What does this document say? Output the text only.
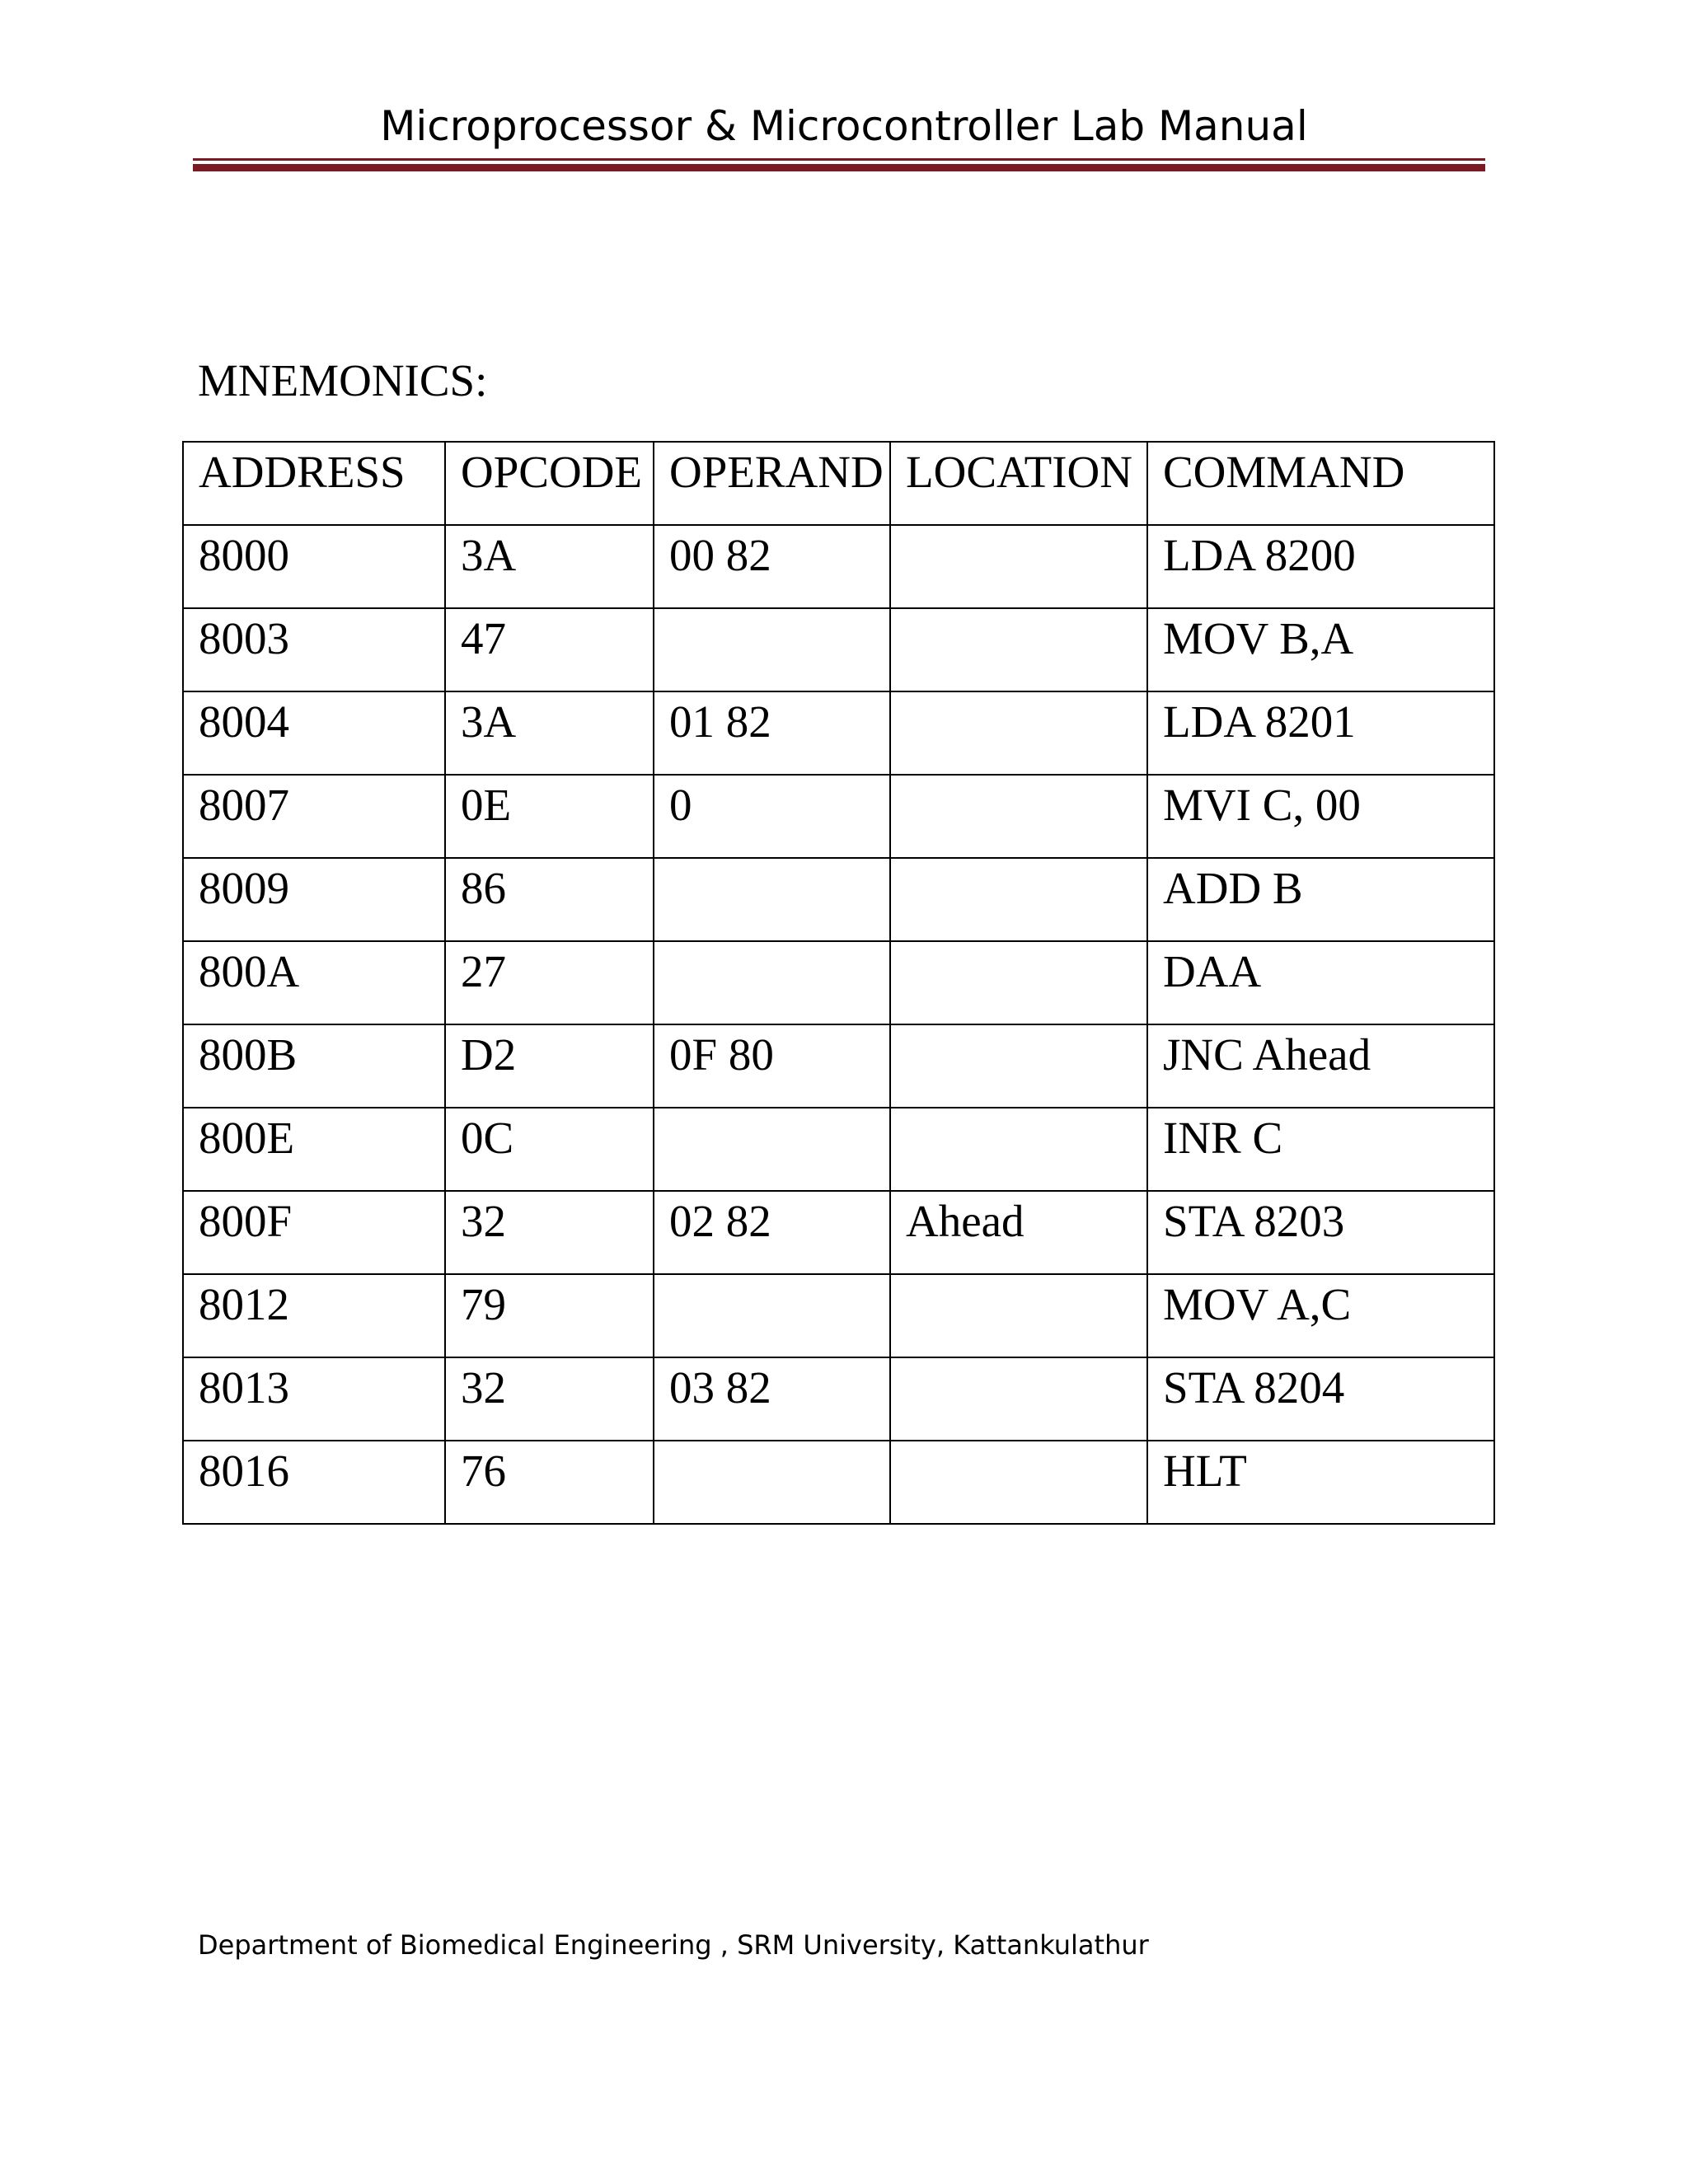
Microprocessor & Microcontroller Lab Manual
MNEMONICS:
ADDRESS	OPCODE	OPERAND	LOCATION	COMMAND
8000	3A	00 82		LDA 8200
8003	47			MOV B,A
8004	3A	01 82		LDA 8201
8007	0E	0		MVI C, 00
8009	86			ADD B
800A	27			DAA
800B	D2	0F 80		JNC Ahead
800E	0C			INR C
800F	32	02 82	Ahead	STA 8203
8012	79			MOV A,C
8013	32	03 82		STA 8204
8016	76			HLT
Department of Biomedical Engineering , SRM University, Kattankulathur
